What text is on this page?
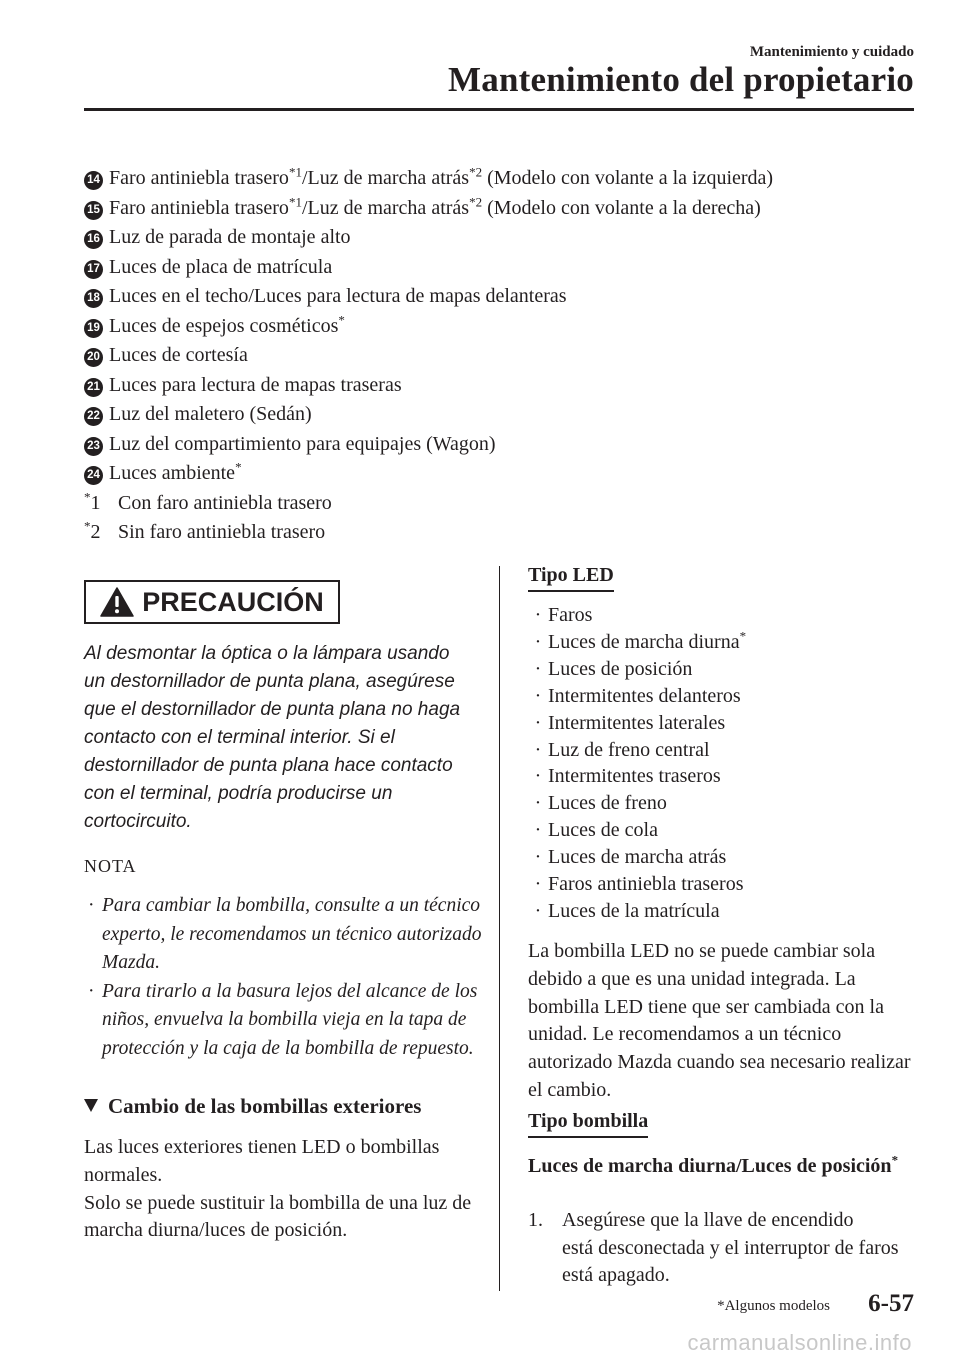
Mantenimiento y cuidado
Mantenimiento del propietario
14 Faro antiniebla trasero$^{*1}$/Luz de marcha atrás$^{*2}$ (Modelo con volante a la izquierda)
15 Faro antiniebla trasero$^{*1}$/Luz de marcha atrás$^{*2}$ (Modelo con volante a la derecha)
16 Luz de parada de montaje alto
17 Luces de placa de matrícula
18 Luces en el techo/Luces para lectura de mapas delanteras
19 Luces de espejos cosméticos*
20 Luces de cortesía
21 Luces para lectura de mapas traseras
22 Luz del maletero (Sedán)
23 Luz del compartimiento para equipajes (Wagon)
24 Luces ambiente*
*1 Con faro antiniebla trasero
*2 Sin faro antiniebla trasero
PRECAUCIÓN
Al desmontar la óptica o la lámpara usando un destornillador de punta plana, asegúrese que el destornillador de punta plana no haga contacto con el terminal interior. Si el destornillador de punta plana hace contacto con el terminal, podría producirse un cortocircuito.
NOTA
· Para cambiar la bombilla, consulte a un técnico experto, le recomendamos un técnico autorizado Mazda.
· Para tirarlo a la basura lejos del alcance de los niños, envuelva la bombilla vieja en la tapa de protección y la caja de la bombilla de repuesto.
Cambio de las bombillas exteriores
Las luces exteriores tienen LED o bombillas normales.
Solo se puede sustituir la bombilla de una luz de marcha diurna/luces de posición.
Tipo LED
· Faros
· Luces de marcha diurna*
· Luces de posición
· Intermitentes delanteros
· Intermitentes laterales
· Luz de freno central
· Intermitentes traseros
· Luces de freno
· Luces de cola
· Luces de marcha atrás
· Faros antiniebla traseros
· Luces de la matrícula
La bombilla LED no se puede cambiar sola debido a que es una unidad integrada. La bombilla LED tiene que ser cambiada con la unidad. Le recomendamos a un técnico autorizado Mazda cuando sea necesario realizar el cambio.
Tipo bombilla
Luces de marcha diurna/Luces de posición*
1. Asegúrese que la llave de encendido
está desconectada y el interruptor de faros está apagado.
*Algunos modelos 6-57
carmanualsonline.info
